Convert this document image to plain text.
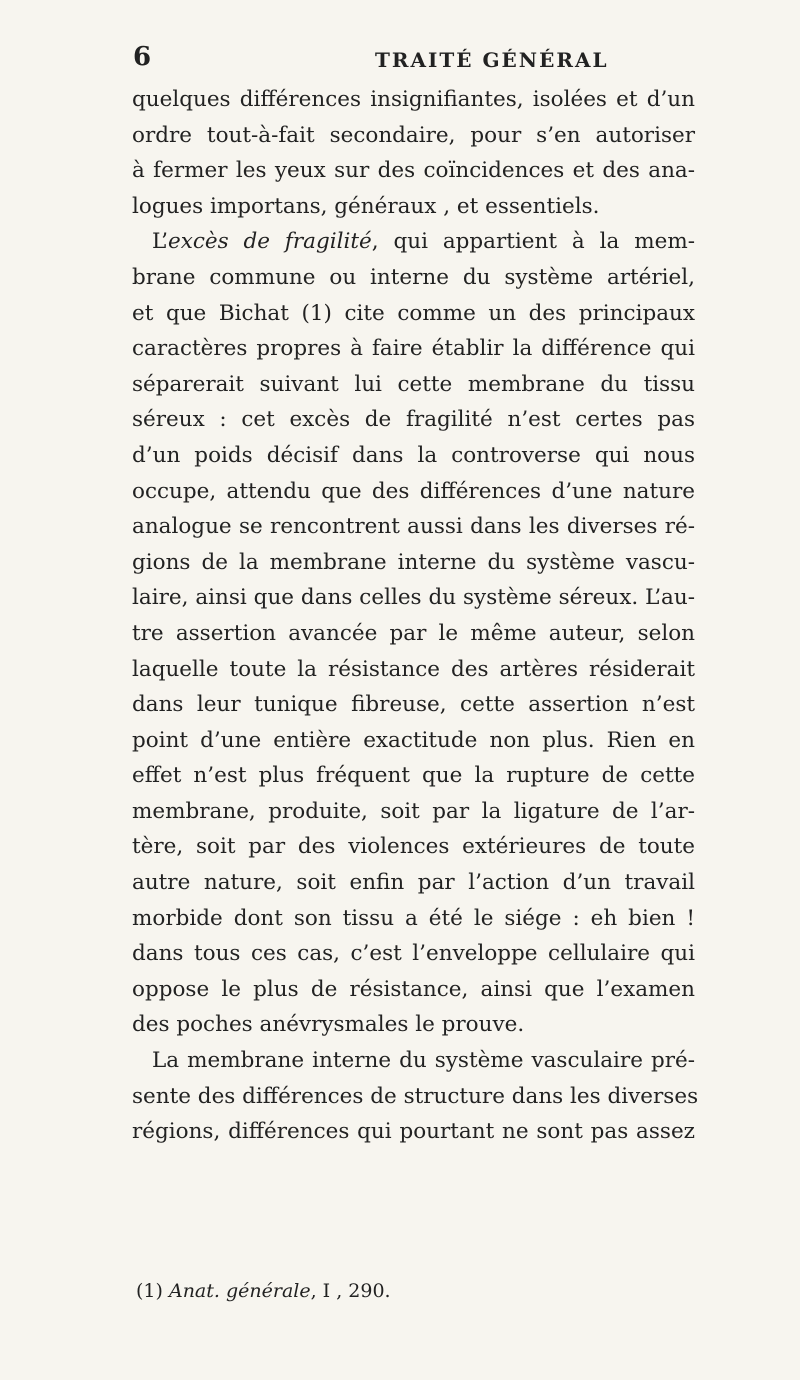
6	TRAITÉ GÉNÉRAL
quelques différences insignifiantes, isolées et d’un
ordre tout-à-fait secondaire, pour s’en autoriser
à fermer les yeux sur des coïncidences et des ana-
logues importans, généraux , et essentiels.
L’excès de fragilité, qui appartient à la mem-
brane commune ou interne du système artériel,
et que Bichat (1) cite comme un des principaux
caractères propres à faire établir la différence qui
séparerait suivant lui cette membrane du tissu
séreux : cet excès de fragilité n’est certes pas
d’un poids décisif dans la controverse qui nous
occupe, attendu que des différences d’une nature
analogue se rencontrent aussi dans les diverses ré-
gions de la membrane interne du système vascu-
laire, ainsi que dans celles du système séreux. L’au-
tre assertion avancée par le même auteur, selon
laquelle toute la résistance des artères résiderait
dans leur tunique fibreuse, cette assertion n’est
point d’une entière exactitude non plus. Rien en
effet n’est plus fréquent que la rupture de cette
membrane, produite, soit par la ligature de l’ar-
tère, soit par des violences extérieures de toute
autre nature, soit enfin par l’action d’un travail
morbide dont son tissu a été le siége : eh bien !
dans tous ces cas, c’est l’enveloppe cellulaire qui
oppose le plus de résistance, ainsi que l’examen
des poches anévrysmales le prouve.
La membrane interne du système vasculaire pré-
sente des différences de structure dans les diverses
régions, différences qui pourtant ne sont pas assez
(1) Anat. générale, I , 290.
